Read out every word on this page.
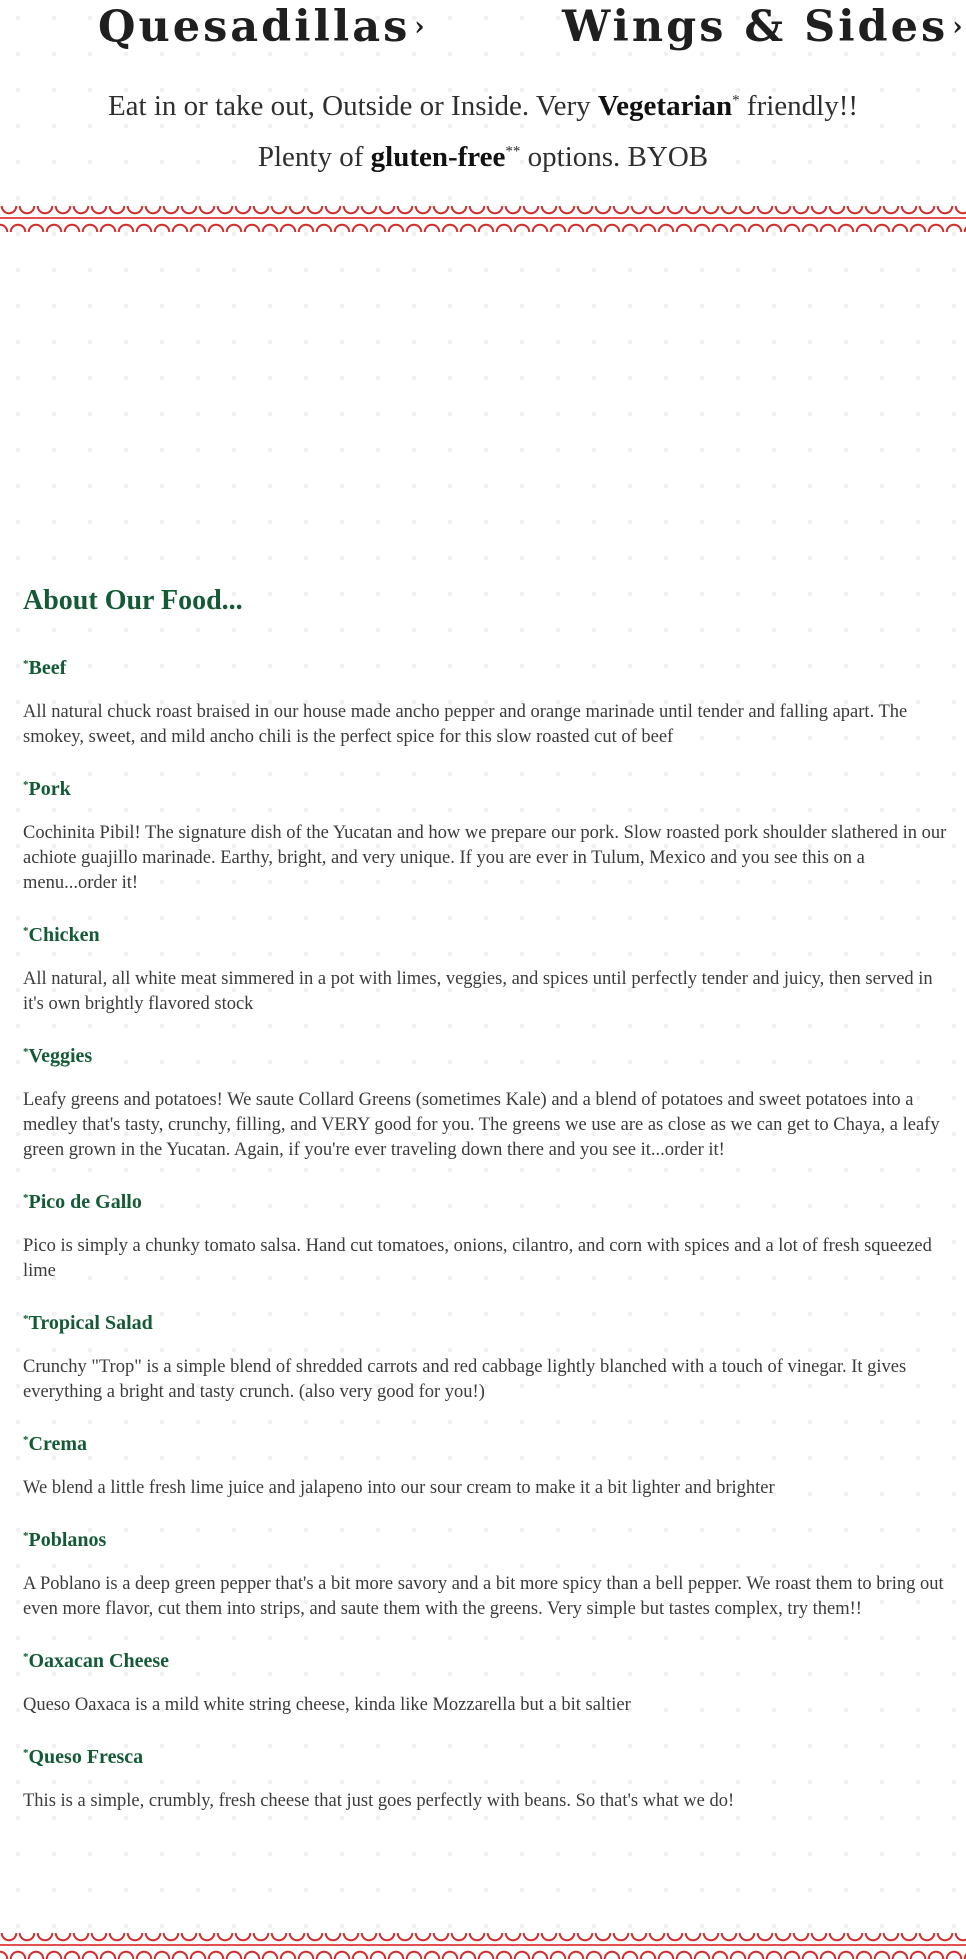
Quesadillas ›	Wings & Sides ›

Eat in or take out, Outside or Inside. Very Vegetarian* friendly!!

Plenty of gluten-free** options. BYOB

About Our Food...
*Beef

All natural chuck roast braised in our house made ancho pepper and orange marinade until tender and falling apart. The smokey, sweet, and mild ancho chili is the perfect spice for this slow roasted cut of beef

*Pork

Cochinita Pibil! The signature dish of the Yucatan and how we prepare our pork. Slow roasted pork shoulder slathered in our achiote guajillo marinade. Earthy, bright, and very unique. If you are ever in Tulum, Mexico and you see this on a menu...order it!

*Chicken

All natural, all white meat simmered in a pot with limes, veggies, and spices until perfectly tender and juicy, then served in it's own brightly flavored stock

*Veggies

Leafy greens and potatoes! We saute Collard Greens (sometimes Kale) and a blend of potatoes and sweet potatoes into a medley that's tasty, crunchy, filling, and VERY good for you. The greens we use are as close as we can get to Chaya, a leafy green grown in the Yucatan. Again, if you're ever traveling down there and you see it...order it!

*Pico de Gallo

Pico is simply a chunky tomato salsa. Hand cut tomatoes, onions, cilantro, and corn with spices and a lot of fresh squeezed lime

*Tropical Salad

Crunchy "Trop" is a simple blend of shredded carrots and red cabbage lightly blanched with a touch of vinegar. It gives everything a bright and tasty crunch. (also very good for you!)

*Crema

We blend a little fresh lime juice and jalapeno into our sour cream to make it a bit lighter and brighter

*Poblanos

A Poblano is a deep green pepper that's a bit more savory and a bit more spicy than a bell pepper. We roast them to bring out even more flavor, cut them into strips, and saute them with the greens. Very simple but tastes complex, try them!!

*Oaxacan Cheese

Queso Oaxaca is a mild white string cheese, kinda like Mozzarella but a bit saltier

*Queso Fresca

This is a simple, crumbly, fresh cheese that just goes perfectly with beans. So that's what we do!
